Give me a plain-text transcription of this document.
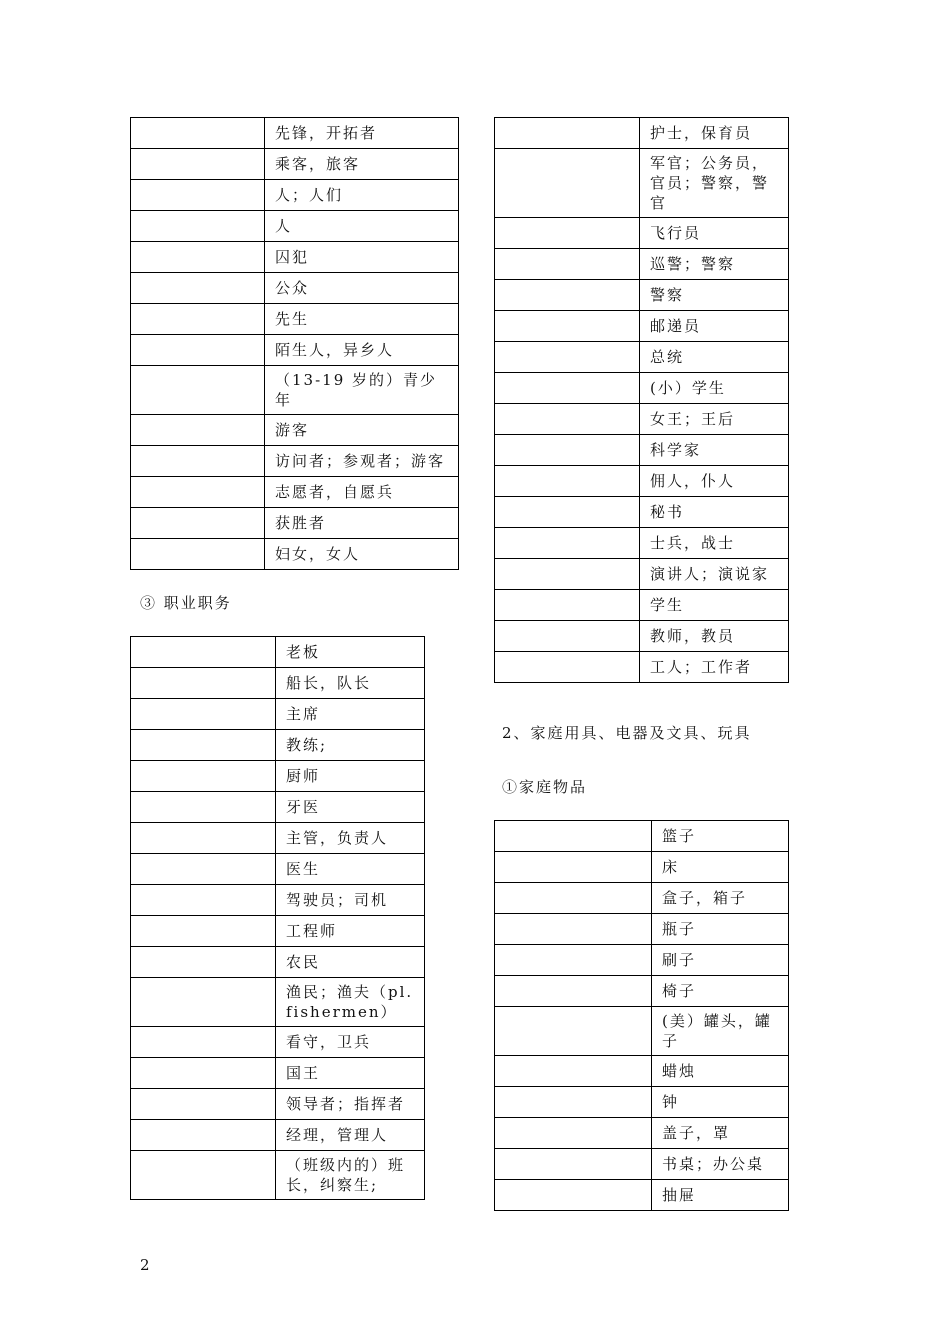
	先锋，开拓者
	乘客，旅客
	人；人们
	人
	囚犯
	公众
	先生
	陌生人，异乡人
	（13-19 岁的）青少年
	游客
	访问者；参观者；游客
	志愿者，自愿兵
	获胜者
	妇女，女人
③ 职业职务
	老板
	船长，队长
	主席
	教练;
	厨师
	牙医
	主管，负责人
	医生
	驾驶员；司机
	工程师
	农民
	渔民；渔夫（pl. fishermen）
	看守，卫兵
	国王
	领导者；指挥者
	经理，管理人
	（班级内的）班长，纠察生;
	护士，保育员
	军官；公务员，官员；警察，警官
	飞行员
	巡警；警察
	警察
	邮递员
	总统
	(小）学生
	女王；王后
	科学家
	佣人，仆人
	秘书
	士兵，战士
	演讲人；演说家
	学生
	教师，教员
	工人；工作者
2、家庭用具、电器及文具、玩具
①家庭物品
	篮子
	床
	盒子，箱子
	瓶子
	刷子
	椅子
	(美）罐头，罐子
	蜡烛
	钟
	盖子，罩
	书桌；办公桌
	抽屉
2
